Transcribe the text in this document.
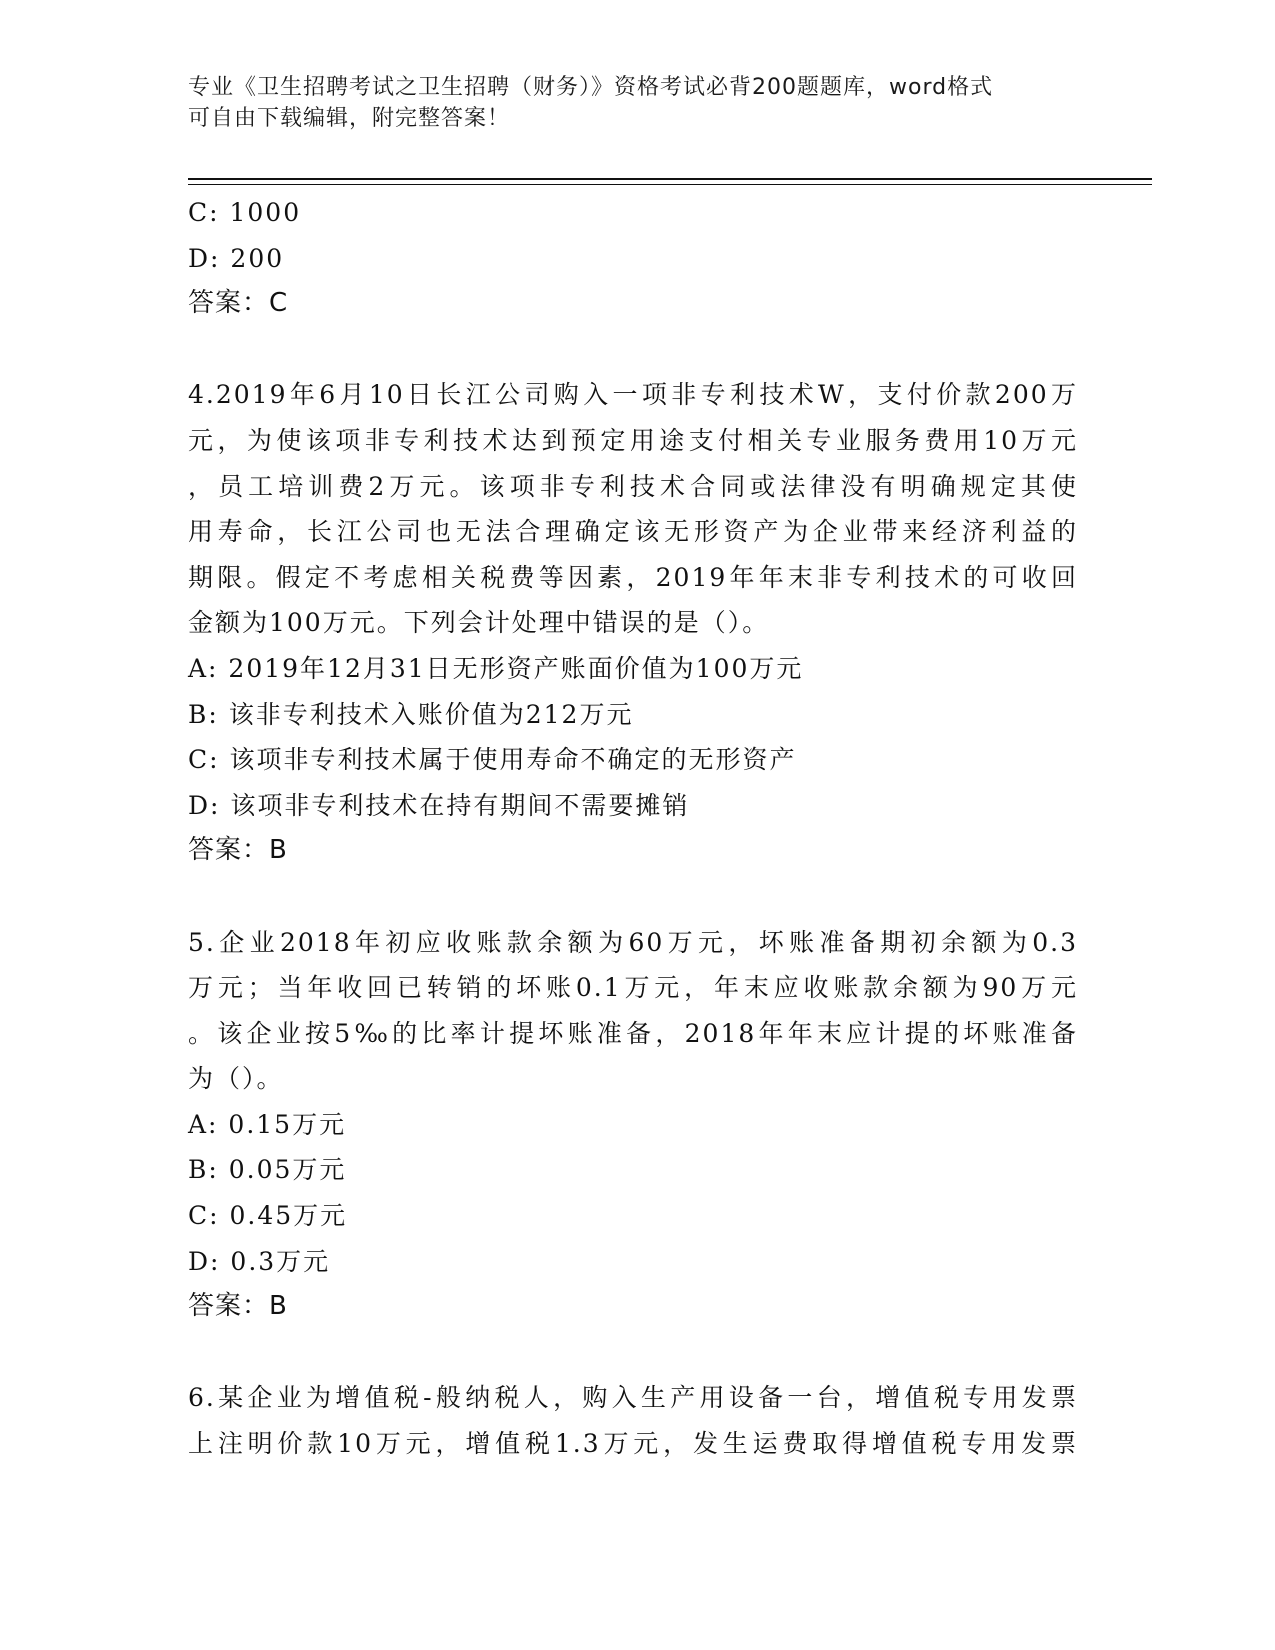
专业《卫生招聘考试之卫生招聘（财务）》资格考试必背200题题库，word格式
可自由下载编辑，附完整答案！
C: 1000
D: 200
答案：C
4.2019年6月10日长江公司购入一项非专利技术W，支付价款200万
元，为使该项非专利技术达到预定用途支付相关专业服务费用10万元
，员工培训费2万元。该项非专利技术合同或法律没有明确规定其使
用寿命，长江公司也无法合理确定该无形资产为企业带来经济利益的
期限。假定不考虑相关税费等因素，2019年年末非专利技术的可收回
金额为100万元。下列会计处理中错误的是（）。
A: 2019年12月31日无形资产账面价值为100万元
B: 该非专利技术入账价值为212万元
C: 该项非专利技术属于使用寿命不确定的无形资产
D: 该项非专利技术在持有期间不需要摊销
答案：B
5.企业2018年初应收账款余额为60万元，坏账准备期初余额为0.3
万元；当年收回已转销的坏账0.1万元，年末应收账款余额为90万元
。该企业按5‰的比率计提坏账准备，2018年年末应计提的坏账准备
为（）。
A: 0.15万元
B: 0.05万元
C: 0.45万元
D: 0.3万元
答案：B
6.某企业为增值税-般纳税人，购入生产用设备一台，增值税专用发票
上注明价款10万元，增值税1.3万元，发生运费取得增值税专用发票
